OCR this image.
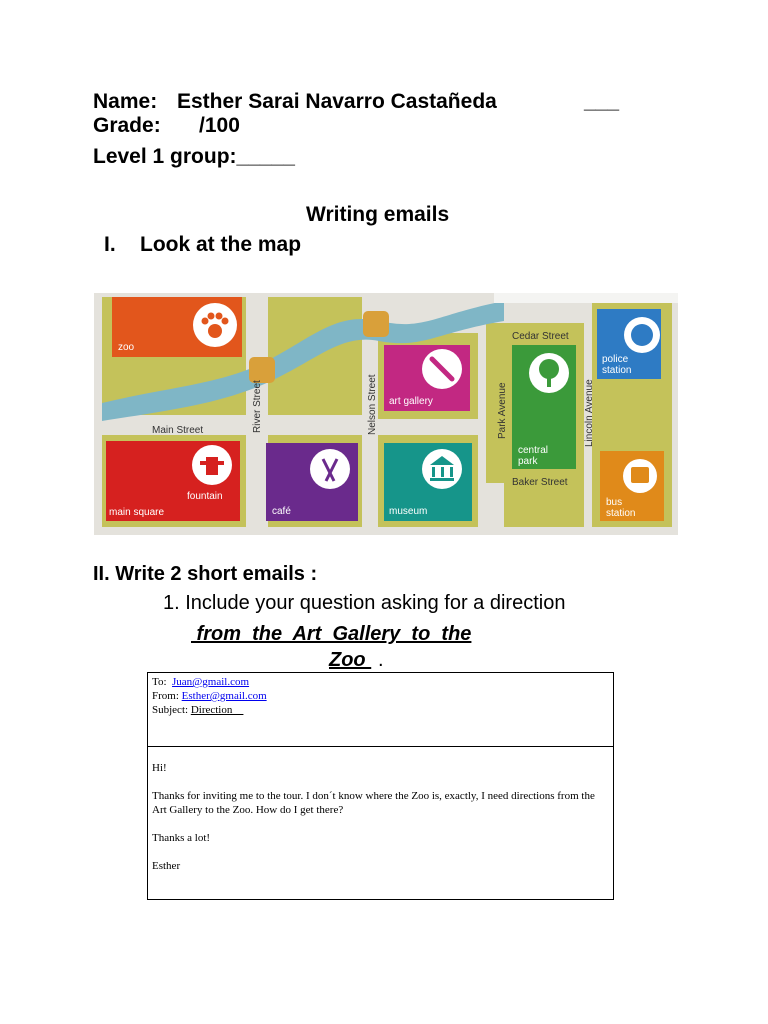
Name: Esther Sarai Navarro Castañeda	___
Grade: /100
Level 1 group:_____
Writing emails
I. Look at the map
zoo
art gallery
central
park
police
station
fountain
main square	café	museum
bus
station
Main Street	River Street	Nelson Street	Park Avenue	Lincoln Avenue
Cedar Street
Baker Street
II. Write 2 short emails :
1. Include your question asking for a direction
from  the  Art  Gallery  to  the
Zoo .
To: Juan@gmail.com
From: Esther@gmail.com
Subject: Direction__

Hi!

Thanks for inviting me to the tour. I don´t know where the Zoo is, exactly, I need directions from the Art Gallery to the Zoo. How do I get there?

Thanks a lot!

Esther
